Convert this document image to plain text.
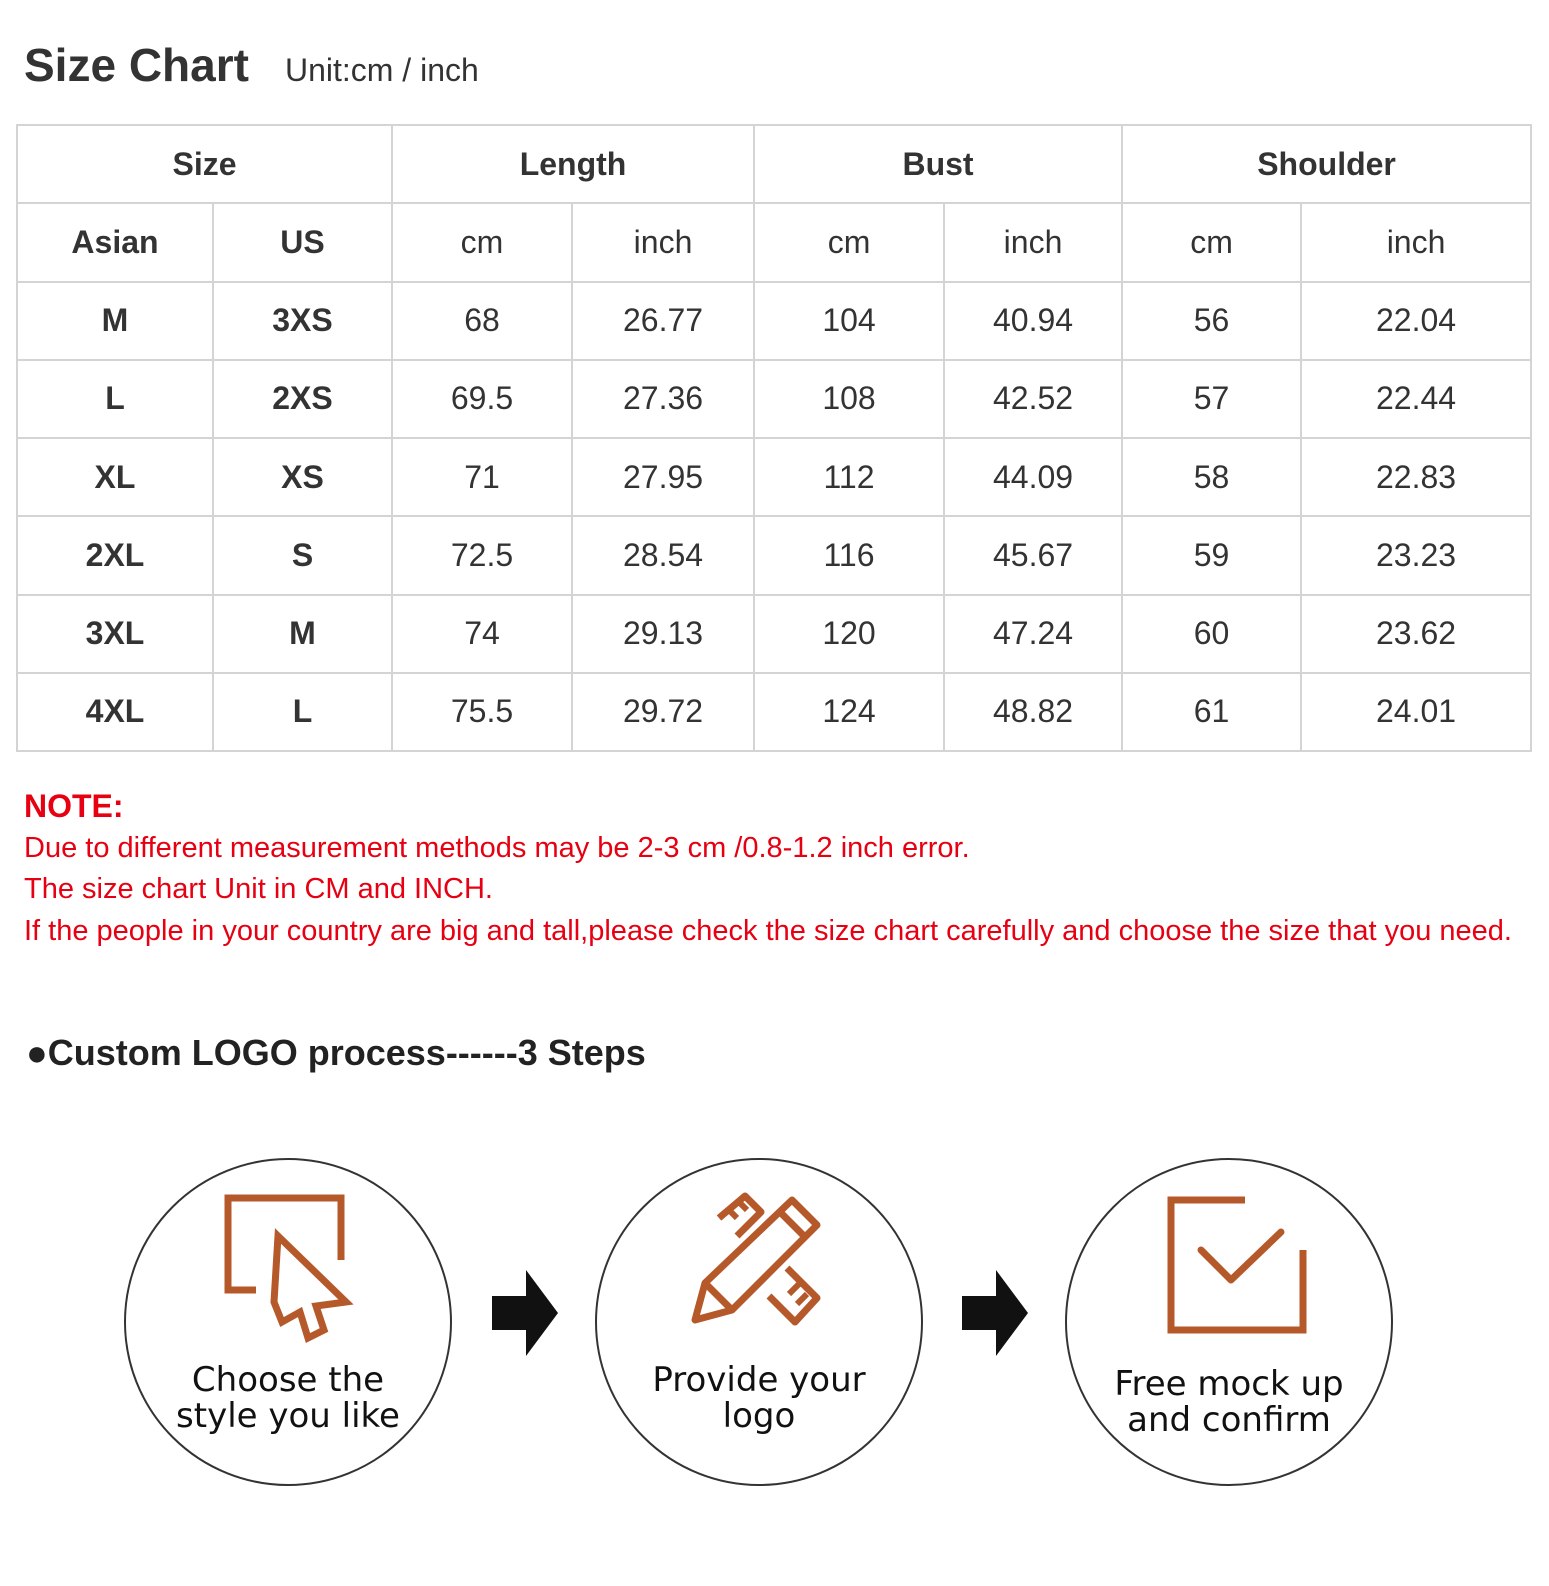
Size Chart Unit:cm / inch
Size		Length		Bust		Shoulder	
Asian	US	cm	inch	cm	inch	cm	inch
M	3XS	68	26.77	104	40.94	56	22.04
L	2XS	69.5	27.36	108	42.52	57	22.44
XL	XS	71	27.95	112	44.09	58	22.83
2XL	S	72.5	28.54	116	45.67	59	23.23
3XL	M	74	29.13	120	47.24	60	23.62
4XL	L	75.5	29.72	124	48.82	61	24.01
NOTE:
Due to different measurement methods may be 2-3 cm /0.8-1.2 inch error.
The size chart Unit in CM and INCH.
If the people in your country are big and tall,please check the size chart carefully and choose the size that you need.
●Custom LOGO process------3 Steps
Choose the
style you like
Provide your
logo
Free mock up
and confirm
